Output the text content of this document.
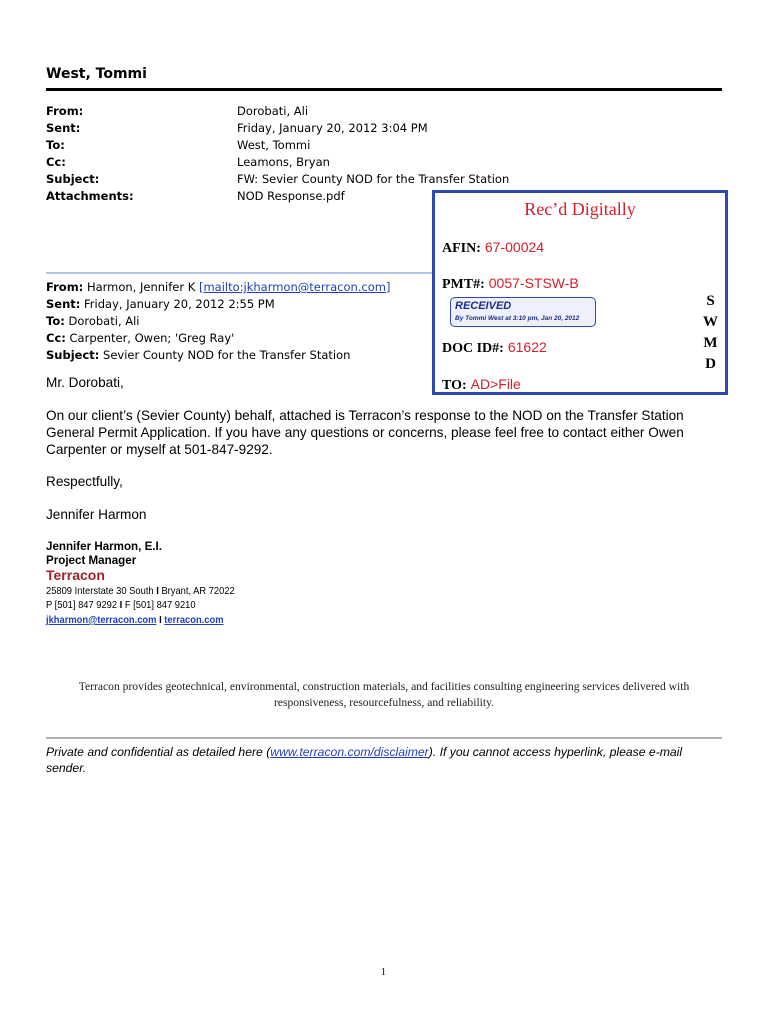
West, Tommi
From:	Dorobati, Ali
Sent:	Friday, January 20, 2012 3:04 PM
To:	West, Tommi
Cc:	Leamons, Bryan
Subject:	FW: Sevier County NOD for the Transfer Station
Attachments:	NOD Response.pdf
From: Harmon, Jennifer K [mailto:jkharmon@terracon.com]
Sent: Friday, January 20, 2012 2:55 PM
To: Dorobati, Ali
Cc: Carpenter, Owen; 'Greg Ray'
Subject: Sevier County NOD for the Transfer Station
Mr. Dorobati,
On our client’s (Sevier County) behalf, attached is Terracon’s response to the NOD on the Transfer Station
General Permit Application. If you have any questions or concerns, please feel free to contact either Owen
Carpenter or myself at 501-847-9292.
Respectfully,
Jennifer Harmon
Jennifer Harmon, E.I.
Project Manager
Terracon
25809 Interstate 30 South I Bryant, AR 72022
P [501] 847 9292 I F [501] 847 9210
jkharmon@terracon.com I terracon.com
Terracon provides geotechnical, environmental, construction materials, and facilities consulting engineering services delivered with
responsiveness, resourcefulness, and reliability.
Private and confidential as detailed here (www.terracon.com/disclaimer). If you cannot access hyperlink, please e-mail
sender.
1
Rec’d Digitally
AFIN: 67-00024
PMT#: 0057-STSW-B
RECEIVED
By Tommi West at 3:10 pm, Jan 20, 2012
DOC ID#: 61622
TO: AD>File
S
W
M
D
